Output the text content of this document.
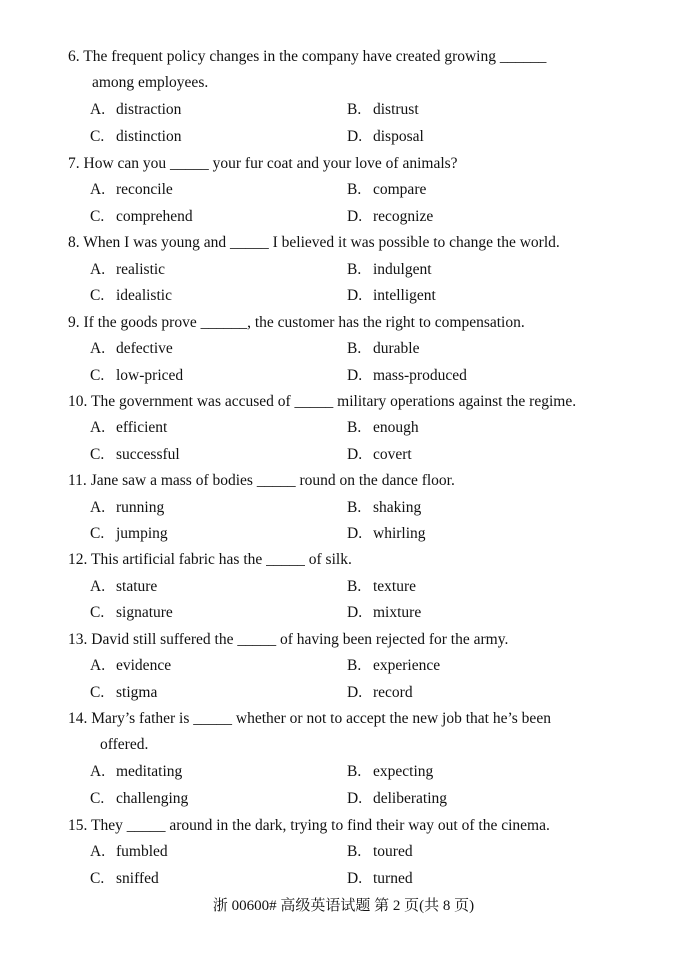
6. The frequent policy changes in the company have created growing ______
among employees.
A. distraction	B. distrust
C. distinction	D. disposal
7. How can you _____ your fur coat and your love of animals?
A. reconcile	B. compare
C. comprehend	D. recognize
8. When I was young and _____ I believed it was possible to change the world.
A. realistic	B. indulgent
C. idealistic	D. intelligent
9. If the goods prove ______, the customer has the right to compensation.
A. defective	B. durable
C. low-priced	D. mass-produced
10. The government was accused of _____ military operations against the regime.
A. efficient	B. enough
C. successful	D. covert
11. Jane saw a mass of bodies _____ round on the dance floor.
A. running	B. shaking
C. jumping	D. whirling
12. This artificial fabric has the _____ of silk.
A. stature	B. texture
C. signature	D. mixture
13. David still suffered the _____ of having been rejected for the army.
A. evidence	B. experience
C. stigma	D. record
14. Mary’s father is _____ whether or not to accept the new job that he’s been
offered.
A. meditating	B. expecting
C. challenging	D. deliberating
15. They _____ around in the dark, trying to find their way out of the cinema.
A. fumbled	B. toured
C. sniffed	D. turned
浙 00600# 高级英语试题 第 2 页(共 8 页)
